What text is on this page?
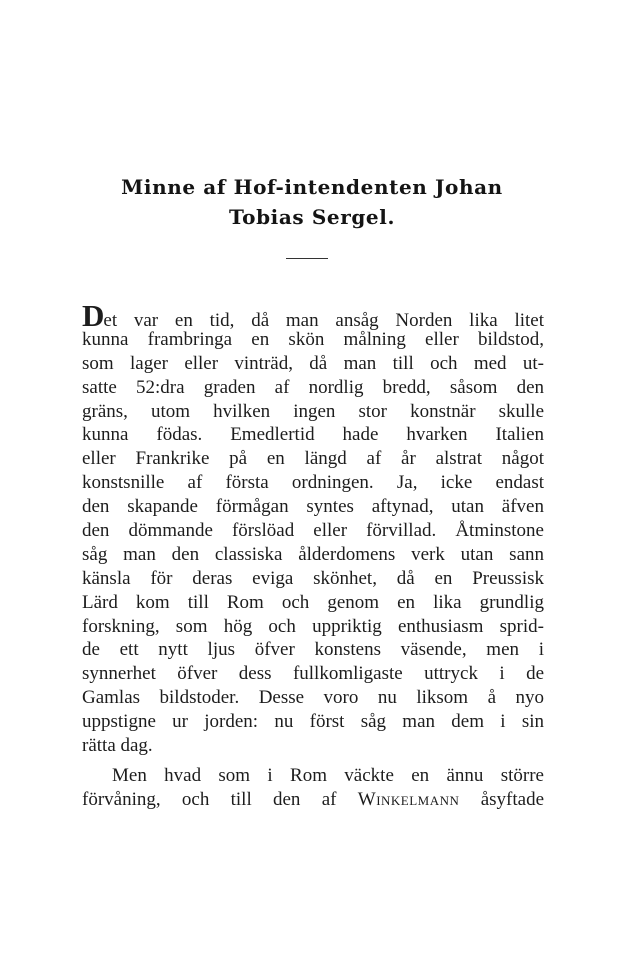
Minne af Hof-intendenten Johan
Tobias Sergel.
Det var en tid, då man ansåg Norden lika litet
kunna frambringa en skön målning eller bildstod,
som lager eller vinträd, då man till och med ut-
satte 52:dra graden af nordlig bredd, såsom den
gräns, utom hvilken ingen stor konstnär skulle
kunna födas. Emedlertid hade hvarken Italien
eller Frankrike på en längd af år alstrat något
konstsnille af första ordningen. Ja, icke endast
den skapande förmågan syntes aftynad, utan äfven
den dömmande förslöad eller förvillad. Åtminstone
såg man den classiska ålderdomens verk utan sann
känsla för deras eviga skönhet, då en Preussisk
Lärd kom till Rom och genom en lika grundlig
forskning, som hög och uppriktig enthusiasm sprid-
de ett nytt ljus öfver konstens väsende, men i
synnerhet öfver dess fullkomligaste uttryck i de
Gamlas bildstoder. Desse voro nu liksom å nyo
uppstigne ur jorden: nu först såg man dem i sin
rätta dag.
Men hvad som i Rom väckte en ännu större
förvåning, och till den af Winkelmann åsyftade
